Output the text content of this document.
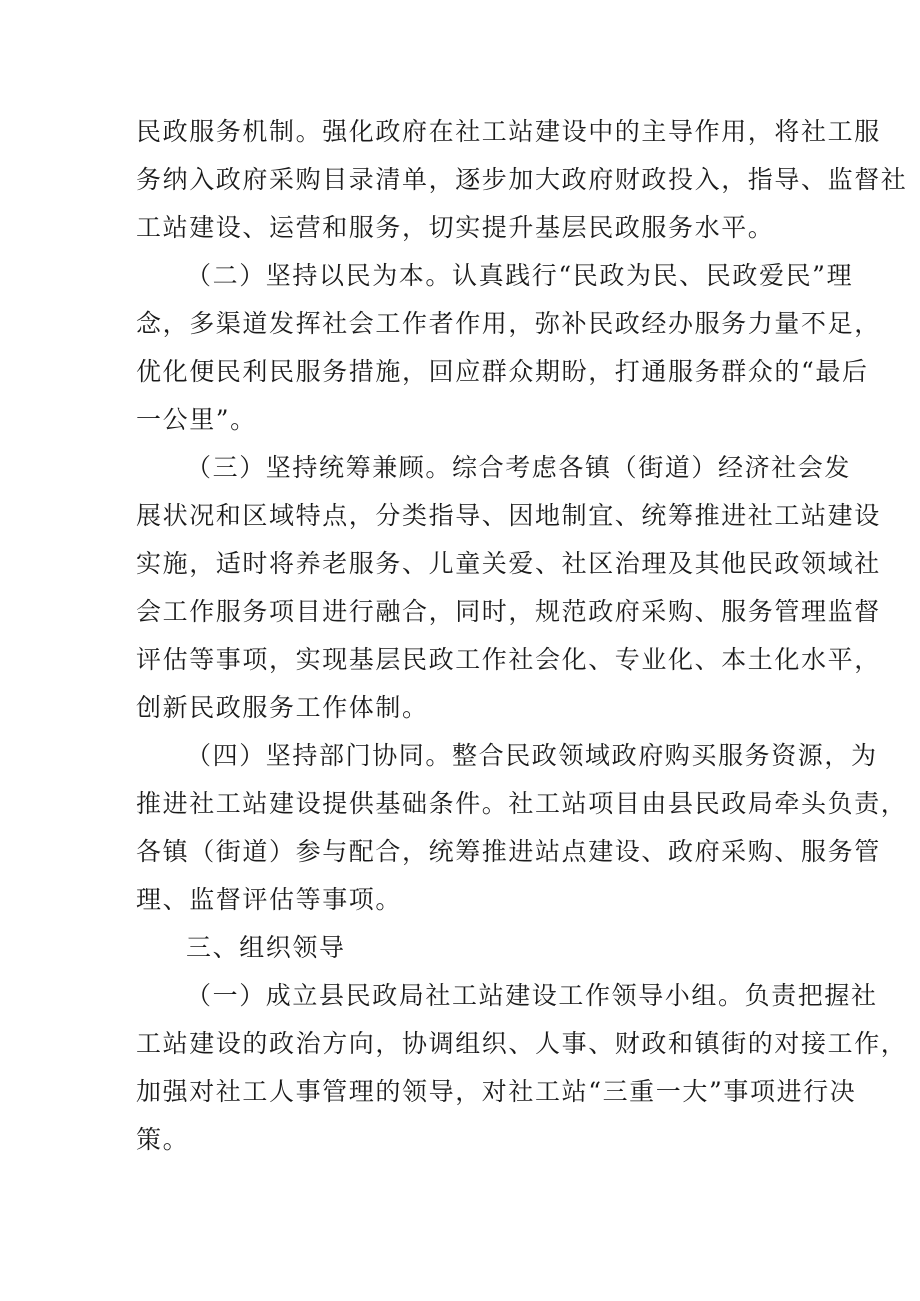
民政服务机制。强化政府在社工站建设中的主导作用，将社工服
务纳入政府采购目录清单，逐步加大政府财政投入，指导、监督社
工站建设、运营和服务，切实提升基层民政服务水平。
（二）坚持以民为本。认真践行“民政为民、民政爱民”理
念，多渠道发挥社会工作者作用，弥补民政经办服务力量不足，
优化便民利民服务措施，回应群众期盼，打通服务群众的“最后
一公里”。
（三）坚持统筹兼顾。综合考虑各镇（街道）经济社会发
展状况和区域特点，分类指导、因地制宜、统筹推进社工站建设
实施，适时将养老服务、儿童关爱、社区治理及其他民政领域社
会工作服务项目进行融合，同时，规范政府采购、服务管理监督
评估等事项，实现基层民政工作社会化、专业化、本土化水平，
创新民政服务工作体制。
（四）坚持部门协同。整合民政领域政府购买服务资源，为
推进社工站建设提供基础条件。社工站项目由县民政局牵头负责，
各镇（街道）参与配合，统筹推进站点建设、政府采购、服务管
理、监督评估等事项。
三、组织领导
（一）成立县民政局社工站建设工作领导小组。负责把握社
工站建设的政治方向，协调组织、人事、财政和镇街的对接工作，
加强对社工人事管理的领导，对社工站“三重一大”事项进行决
策。
